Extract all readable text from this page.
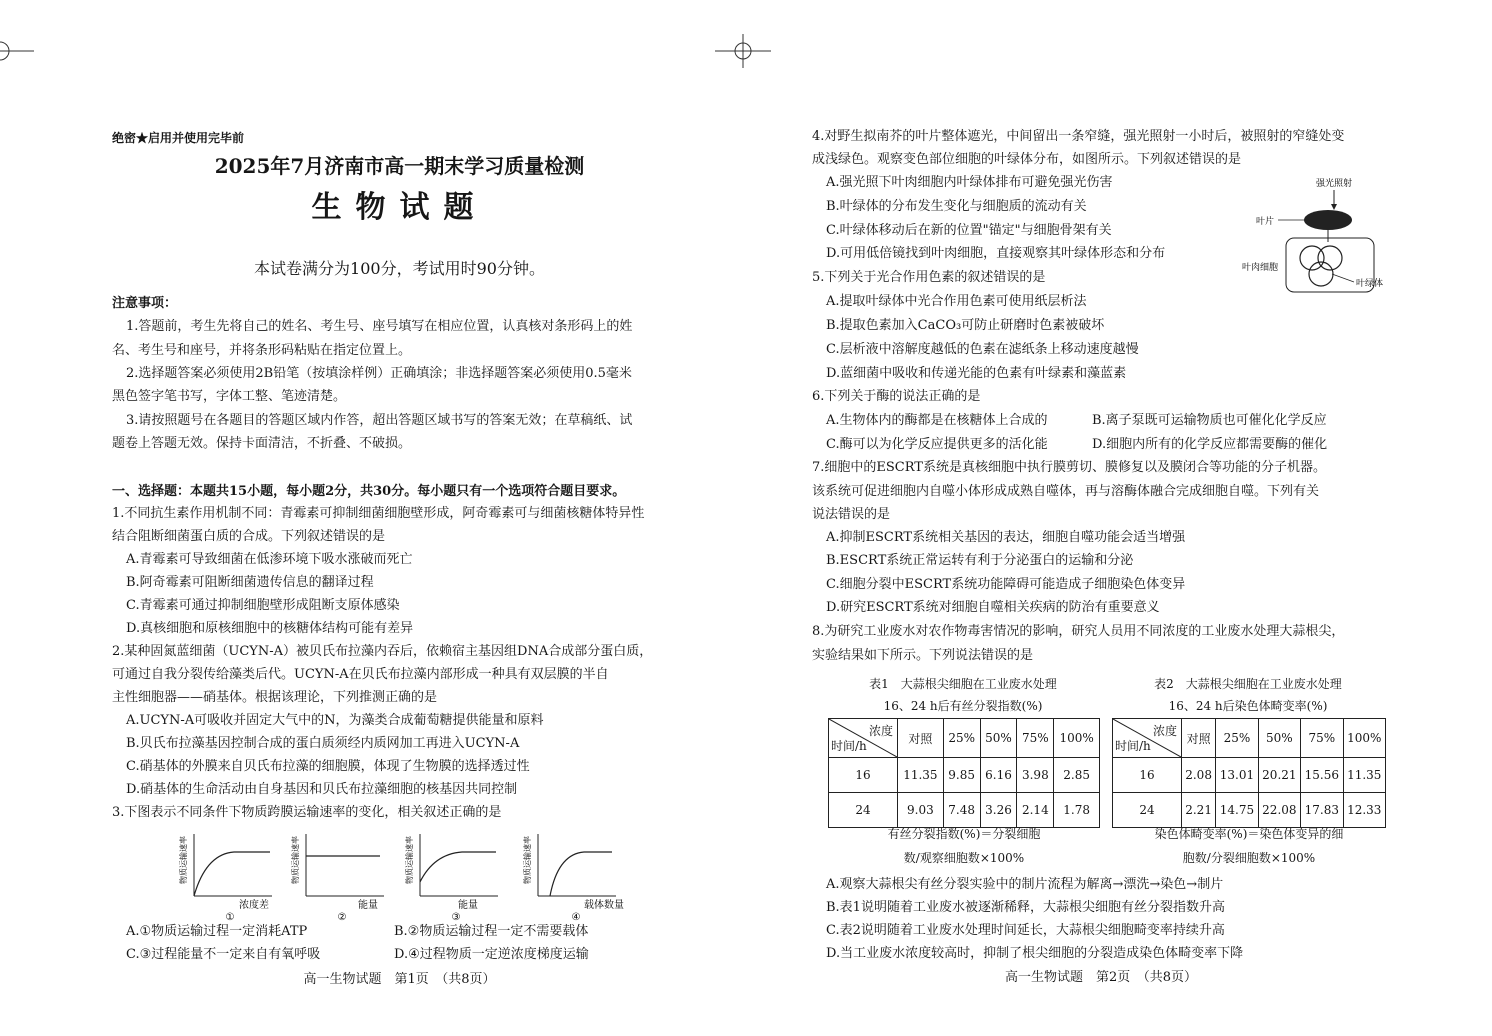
绝密★启用并使用完毕前
2025年7月济南市高一期末学习质量检测
生物试题
本试卷满分为100分，考试用时90分钟。
注意事项：
1.答题前，考生先将自己的姓名、考生号、座号填写在相应位置，认真核对条形码上的姓
名、考生号和座号，并将条形码粘贴在指定位置上。
2.选择题答案必须使用2B铅笔（按填涂样例）正确填涂；非选择题答案必须使用0.5毫米
黑色签字笔书写，字体工整、笔迹清楚。
3.请按照题号在各题目的答题区域内作答，超出答题区域书写的答案无效；在草稿纸、试
题卷上答题无效。保持卡面清洁，不折叠、不破损。
一、选择题：本题共15小题，每小题2分，共30分。每小题只有一个选项符合题目要求。
1.不同抗生素作用机制不同：青霉素可抑制细菌细胞壁形成，阿奇霉素可与细菌核糖体特异性
结合阻断细菌蛋白质的合成。下列叙述错误的是
A.青霉素可导致细菌在低渗环境下吸水涨破而死亡
B.阿奇霉素可阻断细菌遗传信息的翻译过程
C.青霉素可通过抑制细胞壁形成阻断支原体感染
D.真核细胞和原核细胞中的核糖体结构可能有差异
2.某种固氮蓝细菌（UCYN-A）被贝氏布拉藻内吞后，依赖宿主基因组DNA合成部分蛋白质，
可通过自我分裂传给藻类后代。UCYN-A在贝氏布拉藻内部形成一种具有双层膜的半自
主性细胞器——硝基体。根据该理论，下列推测正确的是
A.UCYN-A可吸收并固定大气中的N，为藻类合成葡萄糖提供能量和原料
B.贝氏布拉藻基因控制合成的蛋白质须经内质网加工再进入UCYN-A
C.硝基体的外膜来自贝氏布拉藻的细胞膜，体现了生物膜的选择透过性
D.硝基体的生命活动由自身基因和贝氏布拉藻细胞的核基因共同控制
3.下图表示不同条件下物质跨膜运输速率的变化，相关叙述正确的是
物质运输速率
浓度差
①
物质运输速率
能量
②
物质运输速率
能量
③
物质运输速率
载体数量
④
A.①物质运输过程一定消耗ATP	B.②物质运输过程一定不需要载体
C.③过程能量不一定来自有氧呼吸	D.④过程物质一定逆浓度梯度运输
高一生物试题　第1页　（共8页）
4.对野生拟南芥的叶片整体遮光，中间留出一条窄缝，强光照射一小时后，被照射的窄缝处变
成浅绿色。观察变色部位细胞的叶绿体分布，如图所示。下列叙述错误的是
A.强光照下叶肉细胞内叶绿体排布可避免强光伤害
B.叶绿体的分布发生变化与细胞质的流动有关
C.叶绿体移动后在新的位置"锚定"与细胞骨架有关
D.可用低倍镜找到叶肉细胞，直接观察其叶绿体形态和分布
强光照射
叶片
叶肉细胞
叶绿体
5.下列关于光合作用色素的叙述错误的是
A.提取叶绿体中光合作用色素可使用纸层析法
B.提取色素加入CaCO₃可防止研磨时色素被破坏
C.层析液中溶解度越低的色素在滤纸条上移动速度越慢
D.蓝细菌中吸收和传递光能的色素有叶绿素和藻蓝素
6.下列关于酶的说法正确的是
A.生物体内的酶都是在核糖体上合成的	B.离子泵既可运输物质也可催化化学反应
C.酶可以为化学反应提供更多的活化能	D.细胞内所有的化学反应都需要酶的催化
7.细胞中的ESCRT系统是真核细胞中执行膜剪切、膜修复以及膜闭合等功能的分子机器。
该系统可促进细胞内自噬小体形成成熟自噬体，再与溶酶体融合完成细胞自噬。下列有关
说法错误的是
A.抑制ESCRT系统相关基因的表达，细胞自噬功能会适当增强
B.ESCRT系统正常运转有利于分泌蛋白的运输和分泌
C.细胞分裂中ESCRT系统功能障碍可能造成子细胞染色体变异
D.研究ESCRT系统对细胞自噬相关疾病的防治有重要意义
8.为研究工业废水对农作物毒害情况的影响，研究人员用不同浓度的工业废水处理大蒜根尖，
实验结果如下所示。下列说法错误的是
表1　大蒜根尖细胞在工业废水处理
16、24 h后有丝分裂指数(%)
浓度
时间/h	对照	25%	50%	75%	100%
16	11.35	9.85	6.16	3.98	2.85
24	9.03	7.48	3.26	2.14	1.78
有丝分裂指数(%)＝分裂细胞
数/观察细胞数×100%
表2　大蒜根尖细胞在工业废水处理
16、24 h后染色体畸变率(%)
浓度
时间/h	对照	25%	50%	75%	100%
16	2.08	13.01	20.21	15.56	11.35
24	2.21	14.75	22.08	17.83	12.33
染色体畸变率(%)＝染色体变异的细
胞数/分裂细胞数×100%
A.观察大蒜根尖有丝分裂实验中的制片流程为解离→漂洗→染色→制片
B.表1说明随着工业废水被逐渐稀释，大蒜根尖细胞有丝分裂指数升高
C.表2说明随着工业废水处理时间延长，大蒜根尖细胞畸变率持续升高
D.当工业废水浓度较高时，抑制了根尖细胞的分裂造成染色体畸变率下降
高一生物试题　第2页　（共8页）
